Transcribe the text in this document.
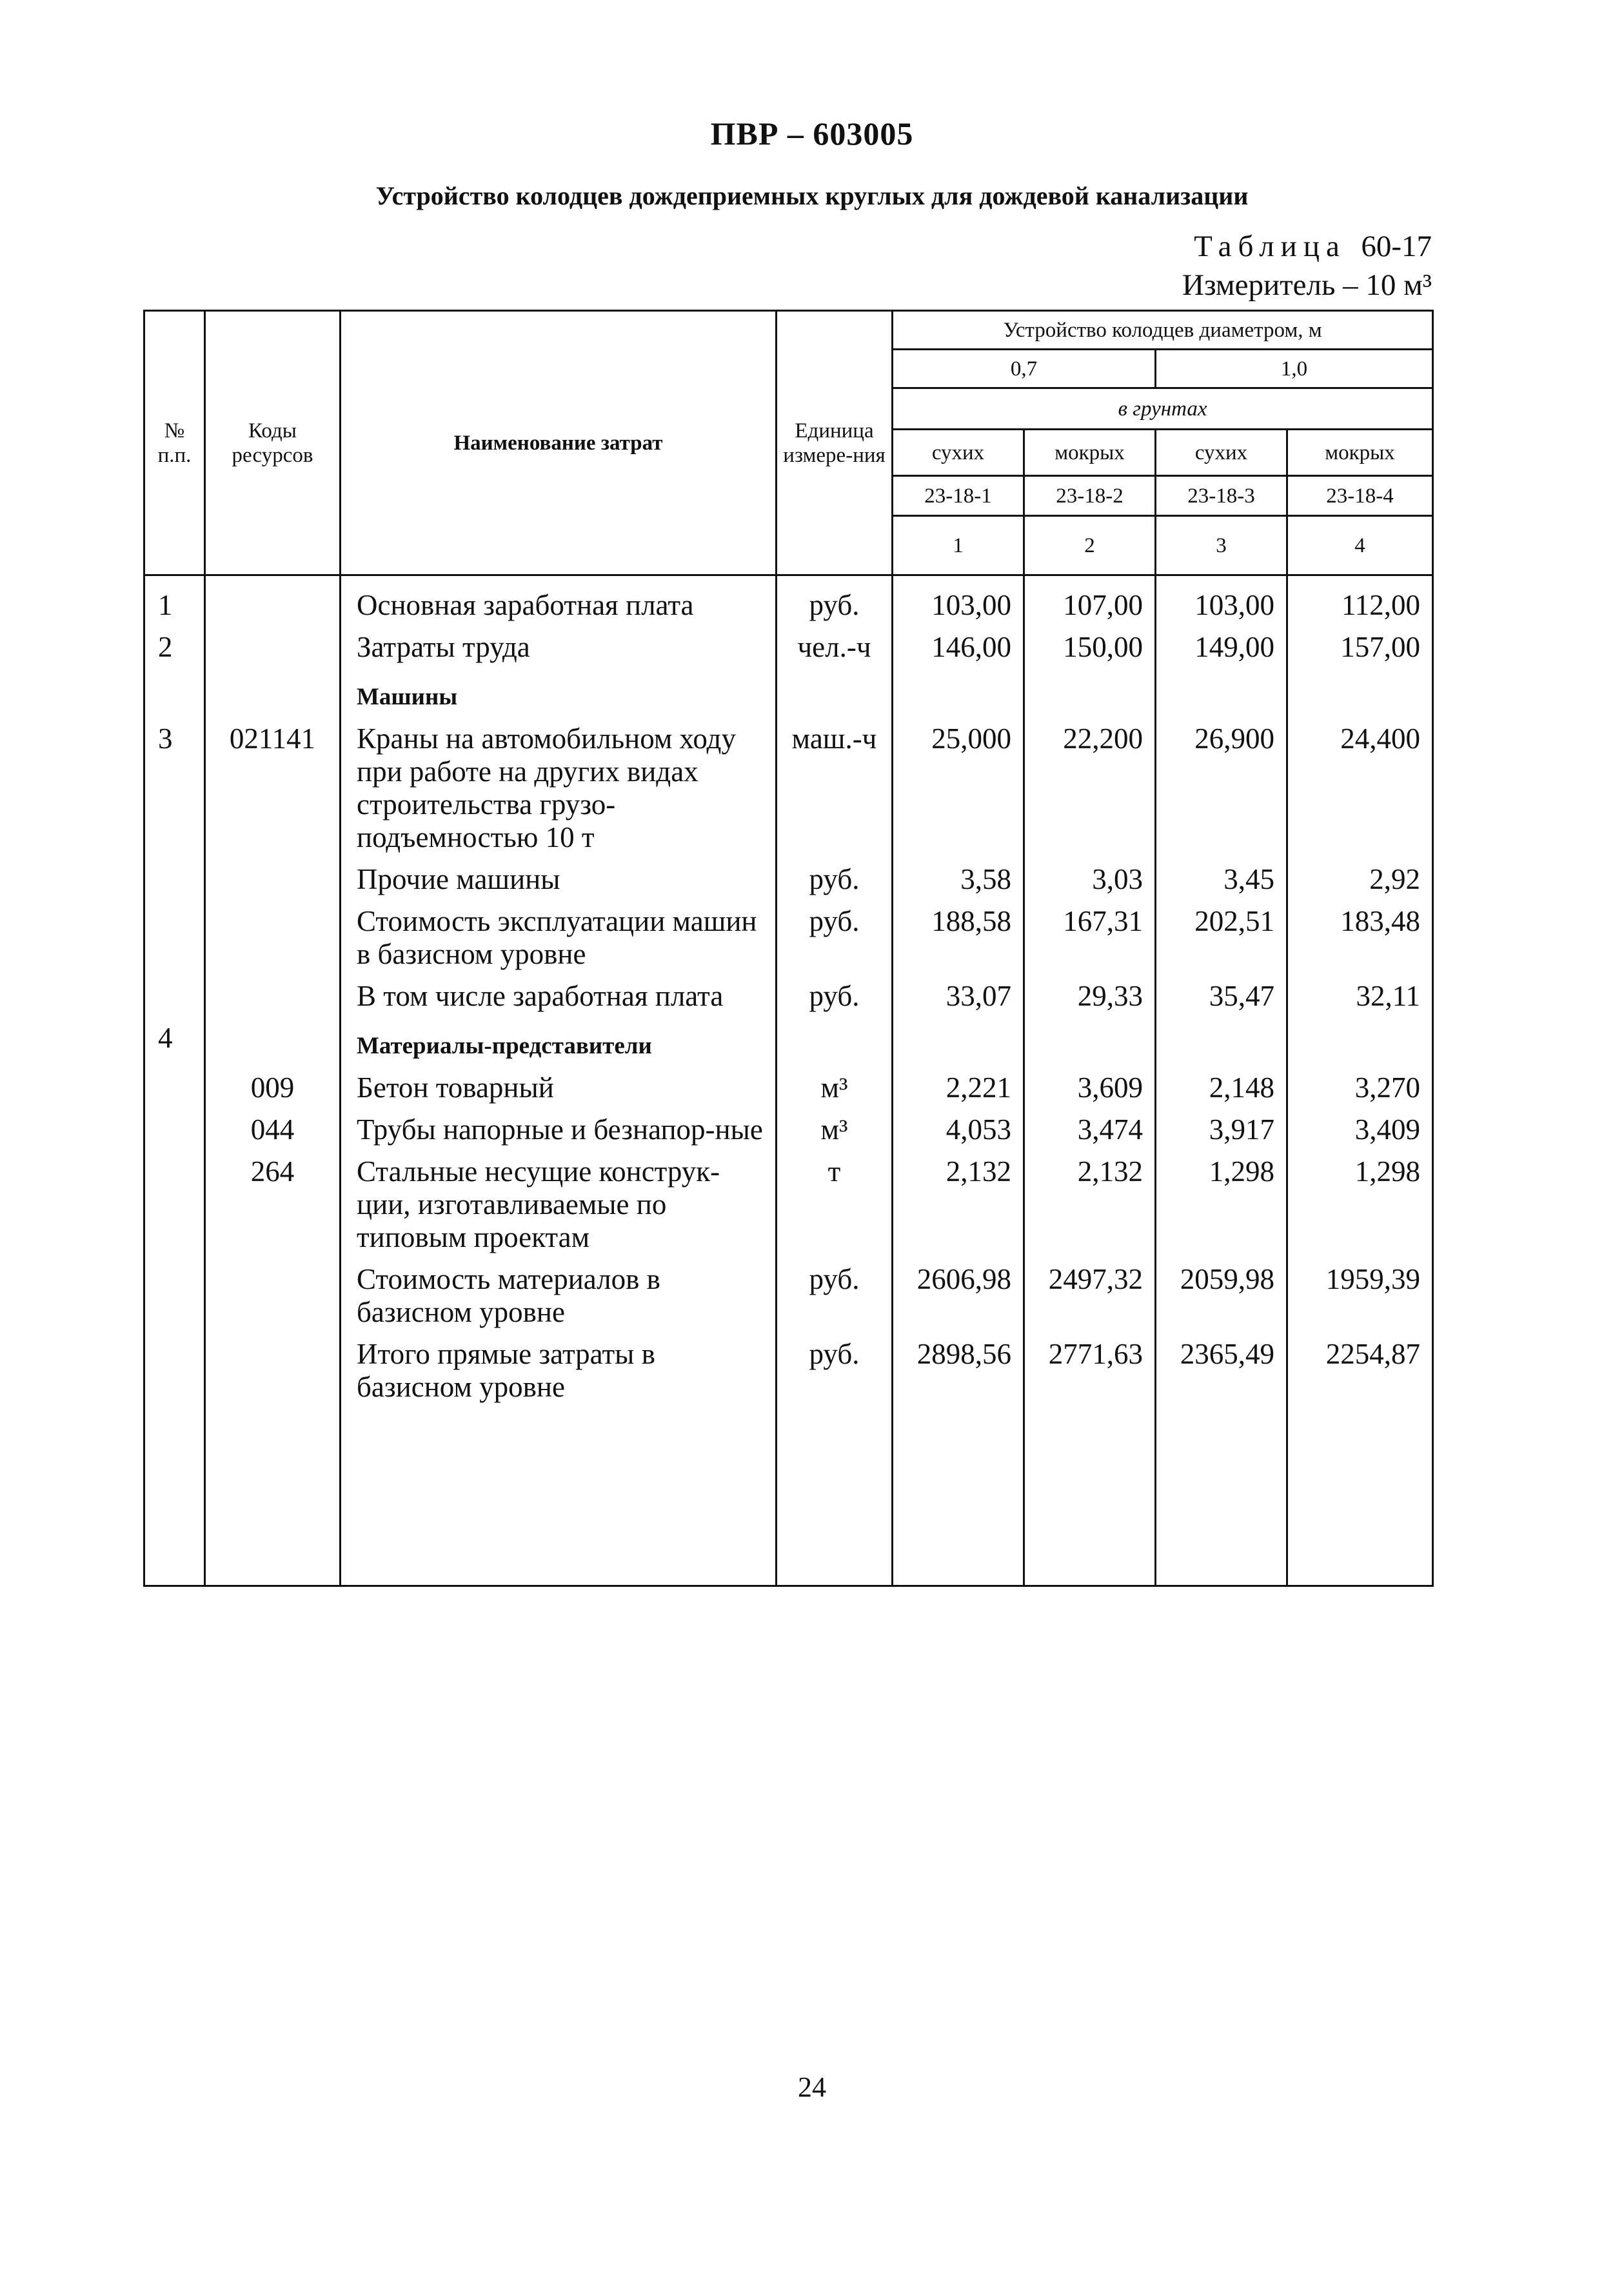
ПВР – 603005
Устройство колодцев дождеприемных круглых для дождевой канализации
Таблица 60-17
Измеритель – 10 м³
№ п.п.	Коды ресурсов	Наименование затрат	Единица измере-ния	Устройство колодцев диаметром, м			
				0,7		1,0	
				в грунтах			
				сухих	мокрых	сухих	мокрых
				23-18-1	23-18-2	23-18-3	23-18-4
				1	2	3	4
1		Основная заработная плата	руб.	103,00	107,00	103,00	112,00
2		Затраты труда	чел.-ч	146,00	150,00	149,00	157,00
		Машины					
3	021141	Краны на автомобильном ходу при работе на других видах строительства грузо-подъемностью 10 т	маш.-ч	25,000	22,200	26,900	24,400
		Прочие машины	руб.	3,58	3,03	3,45	2,92
		Стоимость эксплуатации машин в базисном уровне	руб.	188,58	167,31	202,51	183,48
		В том числе заработная плата	руб.	33,07	29,33	35,47	32,11
4		Материалы-представители					
	009	Бетон товарный	м³	2,221	3,609	2,148	3,270
	044	Трубы напорные и безнапор-ные	м³	4,053	3,474	3,917	3,409
	264	Стальные несущие конструк-ции, изготавливаемые по типовым проектам	т	2,132	2,132	1,298	1,298
		Стоимость материалов в базисном уровне	руб.	2606,98	2497,32	2059,98	1959,39
		Итого прямые затраты в базисном уровне	руб.	2898,56	2771,63	2365,49	2254,87

24
